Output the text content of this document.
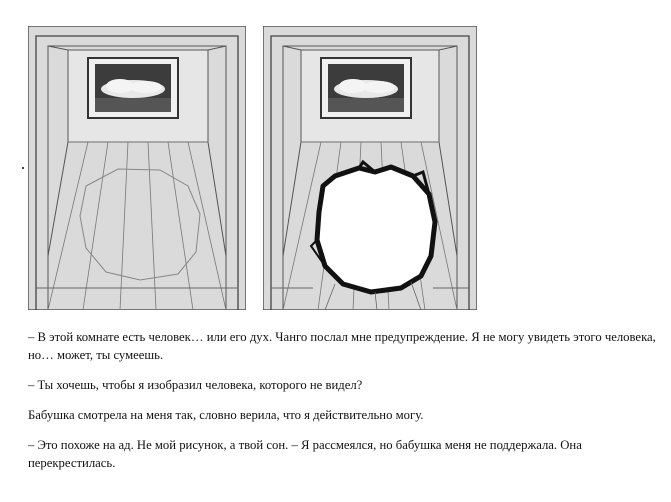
– В этой комнате есть человек… или его дух. Чанго послал мне предупреждение. Я не могу увидеть этого человека, но… может, ты сумеешь.

– Ты хочешь, чтобы я изобразил человека, которого не видел?

Бабушка смотрела на меня так, словно верила, что я действительно могу.

– Это похоже на ад. Не мой рисунок, а твой сон. – Я рассмеялся, но бабушка меня не поддержала. Она перекрестилась.
